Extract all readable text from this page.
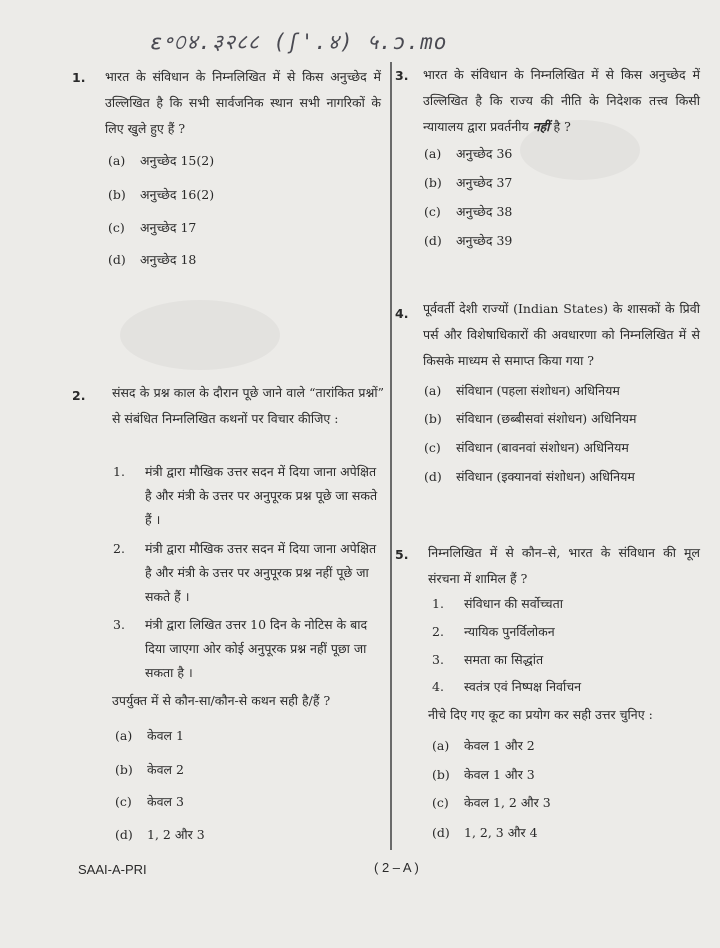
ε॰௦४.३२८८ (ʃ'.४) ५.ɔ.mo
1. भारत के संविधान के निम्नलिखित में से किस अनुच्छेद में उल्लिखित है कि सभी सार्वजनिक स्थान सभी नागरिकों के लिए खुले हुए हैं ?
(a) अनुच्छेद 15(2)
(b) अनुच्छेद 16(2)
(c) अनुच्छेद 17
(d) अनुच्छेद 18
2. संसद के प्रश्न काल के दौरान पूछे जाने वाले “तारांकित प्रश्नों” से संबंधित निम्नलिखित कथनों पर विचार कीजिए :
1. मंत्री द्वारा मौखिक उत्तर सदन में दिया जाना अपेक्षित है और मंत्री के उत्तर पर अनुपूरक प्रश्न पूछे जा सकते हैं ।
2. मंत्री द्वारा मौखिक उत्तर सदन में दिया जाना अपेक्षित है और मंत्री के उत्तर पर अनुपूरक प्रश्न नहीं पूछे जा सकते हैं ।
3. मंत्री द्वारा लिखित उत्तर 10 दिन के नोटिस के बाद दिया जाएगा ओर कोई अनुपूरक प्रश्न नहीं पूछा जा सकता है ।
उपर्युक्त में से कौन-सा/कौन-से कथन सही है/हैं ?
(a) केवल 1
(b) केवल 2
(c) केवल 3
(d) 1, 2 और 3
3. भारत के संविधान के निम्नलिखित में से किस अनुच्छेद में उल्लिखित है कि राज्य की नीति के निदेशक तत्त्व किसी न्यायालय द्वारा प्रवर्तनीय नहीं है ?
(a) अनुच्छेद 36
(b) अनुच्छेद 37
(c) अनुच्छेद 38
(d) अनुच्छेद 39
4. पूर्ववर्ती देशी राज्यों (Indian States) के शासकों के प्रिवी पर्स और विशेषाधिकारों की अवधारणा को निम्नलिखित में से किसके माध्यम से समाप्त किया गया ?
(a) संविधान (पहला संशोधन) अधिनियम
(b) संविधान (छब्बीसवां संशोधन) अधिनियम
(c) संविधान (बावनवां संशोधन) अधिनियम
(d) संविधान (इक्यानवां संशोधन) अधिनियम
5. निम्नलिखित में से कौन–से, भारत के संविधान की मूल संरचना में शामिल हैं ?
1. संविधान की सर्वोच्चता
2. न्यायिक पुनर्विलोकन
3. समता का सिद्धांत
4. स्वतंत्र एवं निष्पक्ष निर्वाचन
नीचे दिए गए कूट का प्रयोग कर सही उत्तर चुनिए :
(a) केवल 1 और 2
(b) केवल 1 और 3
(c) केवल 1, 2 और 3
(d) 1, 2, 3 और 4
SAAI-A-PRI	( 2 – A )
